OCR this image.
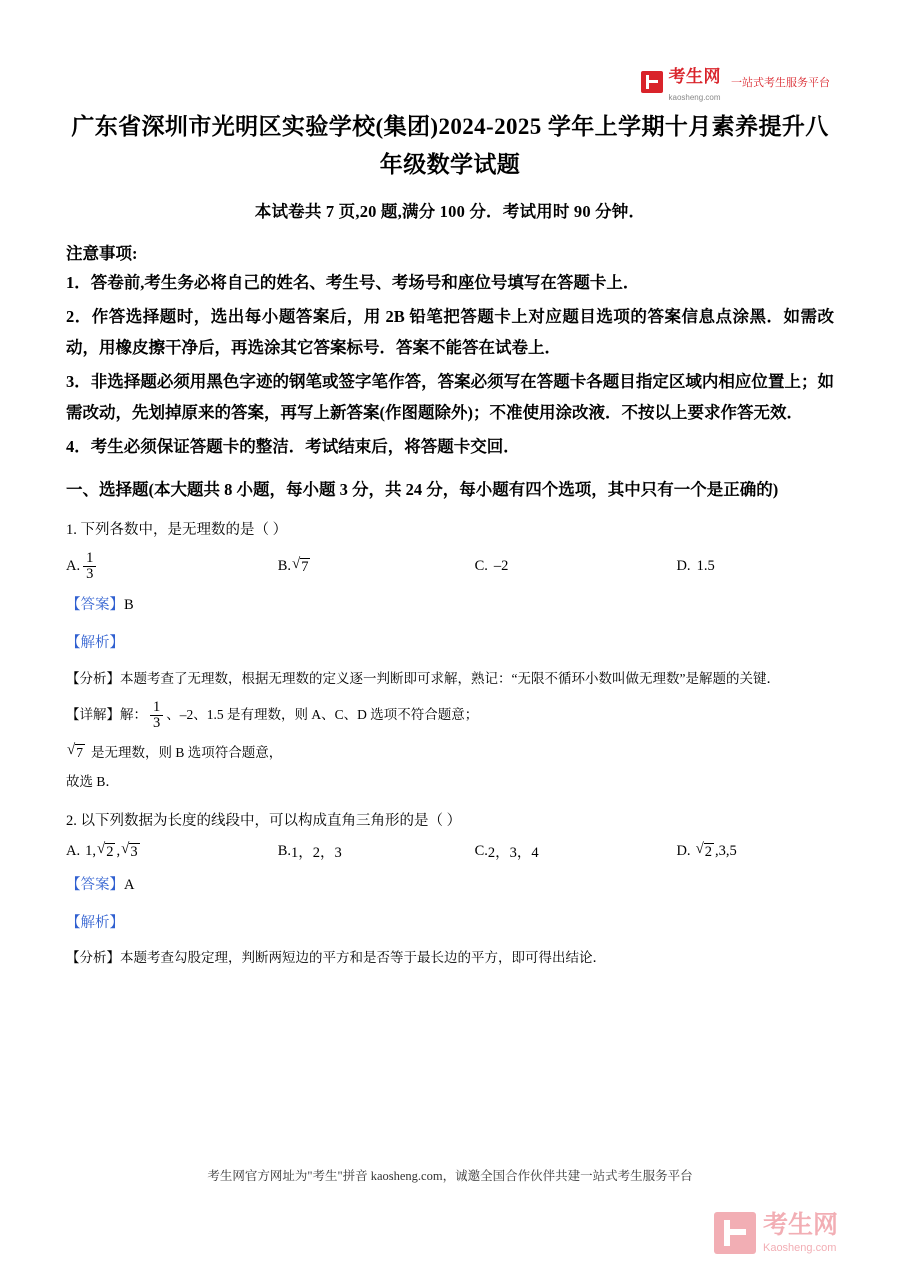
考生网
kaosheng.com
一站式考生服务平台
广东省深圳市光明区实验学校(集团)2024-2025 学年上学期十月素养提升八年级数学试题
本试卷共 7 页,20 题,满分 100 分．考试用时 90 分钟．
注意事项:
1．答卷前,考生务必将自己的姓名、考生号、考场号和座位号填写在答题卡上．
2．作答选择题时，选出每小题答案后，用 2B 铅笔把答题卡上对应题目选项的答案信息点涂黑．如需改动，用橡皮擦干净后，再选涂其它答案标号．答案不能答在试卷上．
3．非选择题必须用黑色字迹的钢笔或签字笔作答，答案必须写在答题卡各题目指定区域内相应位置上；如需改动，先划掉原来的答案，再写上新答案(作图题除外)；不准使用涂改液．不按以上要求作答无效．
4．考生必须保证答题卡的整洁．考试结束后，将答题卡交回．
一、选择题(本大题共 8 小题，每小题 3 分，共 24 分，每小题有四个选项，其中只有一个是正确的)
1. 下列各数中，是无理数的是（ ）
A. $\frac{1}{3}$	B. √ 7	C. –2	D. 1.5
【答案】B
【解析】
【分析】本题考查了无理数，根据无理数的定义逐一判断即可求解，熟记：“无限不循环小数叫做无理数”是解题的关键．
【详解】 解： $\frac{1}{3}$ 、–2、1.5 是有理数，则 A、C、D 选项不符合题意；
√ 7 是无理数，则 B 选项符合题意，
故选 B．
2. 以下列数据为长度的线段中，可以构成直角三角形的是（ ）
A. 1, √ 2 , √ 3	B. 1，2，3	C. 2，3，4	D. √ 2 ,3,5
【答案】A
【解析】
【分析】本题考查勾股定理，判断两短边的平方和是否等于最长边的平方，即可得出结论．
考生网官方网址为"考生"拼音 kaosheng.com，诚邀全国合作伙伴共建一站式考生服务平台
考生网
Kaosheng.com
